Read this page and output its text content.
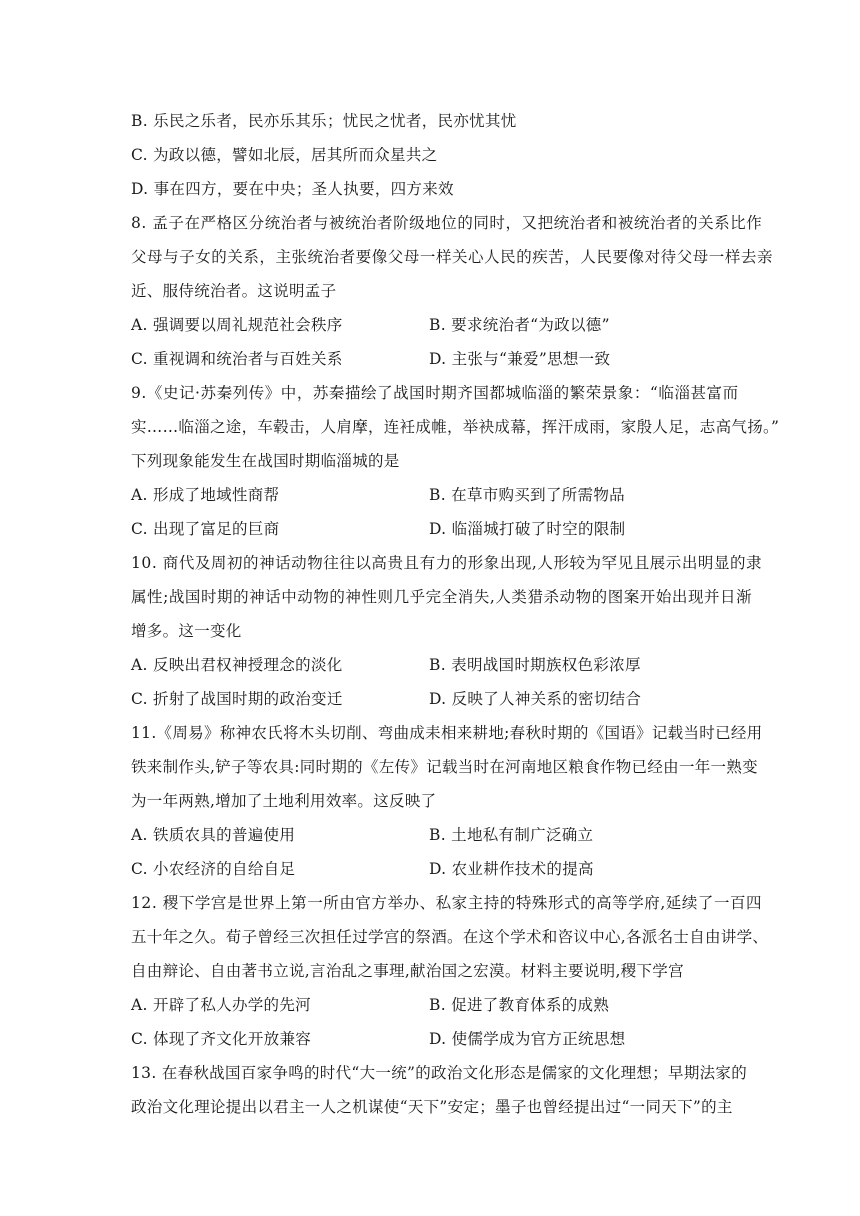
B. 乐民之乐者，民亦乐其乐；忧民之忧者，民亦忧其忧
C. 为政以德，譬如北辰，居其所而众星共之
D. 事在四方，要在中央；圣人执要，四方来效
8. 孟子在严格区分统治者与被统治者阶级地位的同时，又把统治者和被统治者的关系比作
父母与子女的关系，主张统治者要像父母一样关心人民的疾苦，人民要像对待父母一样去亲
近、服侍统治者。这说明孟子
A. 强调要以周礼规范社会秩序	B. 要求统治者“为政以德”
C. 重视调和统治者与百姓关系	D. 主张与“兼爱”思想一致
9.《史记·苏秦列传》中，苏秦描绘了战国时期齐国都城临淄的繁荣景象：“临淄甚富而
实……临淄之途，车毂击，人肩摩，连衽成帷，举袂成幕，挥汗成雨，家殷人足，志高气扬。”
下列现象能发生在战国时期临淄城的是
A. 形成了地域性商帮	B. 在草市购买到了所需物品
C. 出现了富足的巨商	D. 临淄城打破了时空的限制
10. 商代及周初的神话动物往往以高贵且有力的形象出现,人形较为罕见且展示出明显的隶
属性;战国时期的神话中动物的神性则几乎完全消失,人类猎杀动物的图案开始出现并日渐
增多。这一变化
A. 反映出君权神授理念的淡化	B. 表明战国时期族权色彩浓厚
C. 折射了战国时期的政治变迁	D. 反映了人神关系的密切结合
11.《周易》称神农氏将木头切削、弯曲成耒相来耕地;春秋时期的《国语》记载当时已经用
铁来制作头,铲子等农具:同时期的《左传》记载当时在河南地区粮食作物已经由一年一熟变
为一年两熟,增加了土地利用效率。这反映了
A. 铁质农具的普遍使用	B. 土地私有制广泛确立
C. 小农经济的自给自足	D. 农业耕作技术的提高
12. 稷下学宫是世界上第一所由官方举办、私家主持的特殊形式的高等学府,延续了一百四
五十年之久。荀子曾经三次担任过学宫的祭酒。在这个学术和咨议中心,各派名士自由讲学、
自由辩论、自由著书立说,言治乱之事理,献治国之宏漠。材料主要说明,稷下学宫
A. 开辟了私人办学的先河	B. 促进了教育体系的成熟
C. 体现了齐文化开放兼容	D. 使儒学成为官方正统思想
13. 在春秋战国百家争鸣的时代“大一统”的政治文化形态是儒家的文化理想；早期法家的
政治文化理论提出以君主一人之机谋使“天下”安定；墨子也曾经提出过“一同天下”的主
